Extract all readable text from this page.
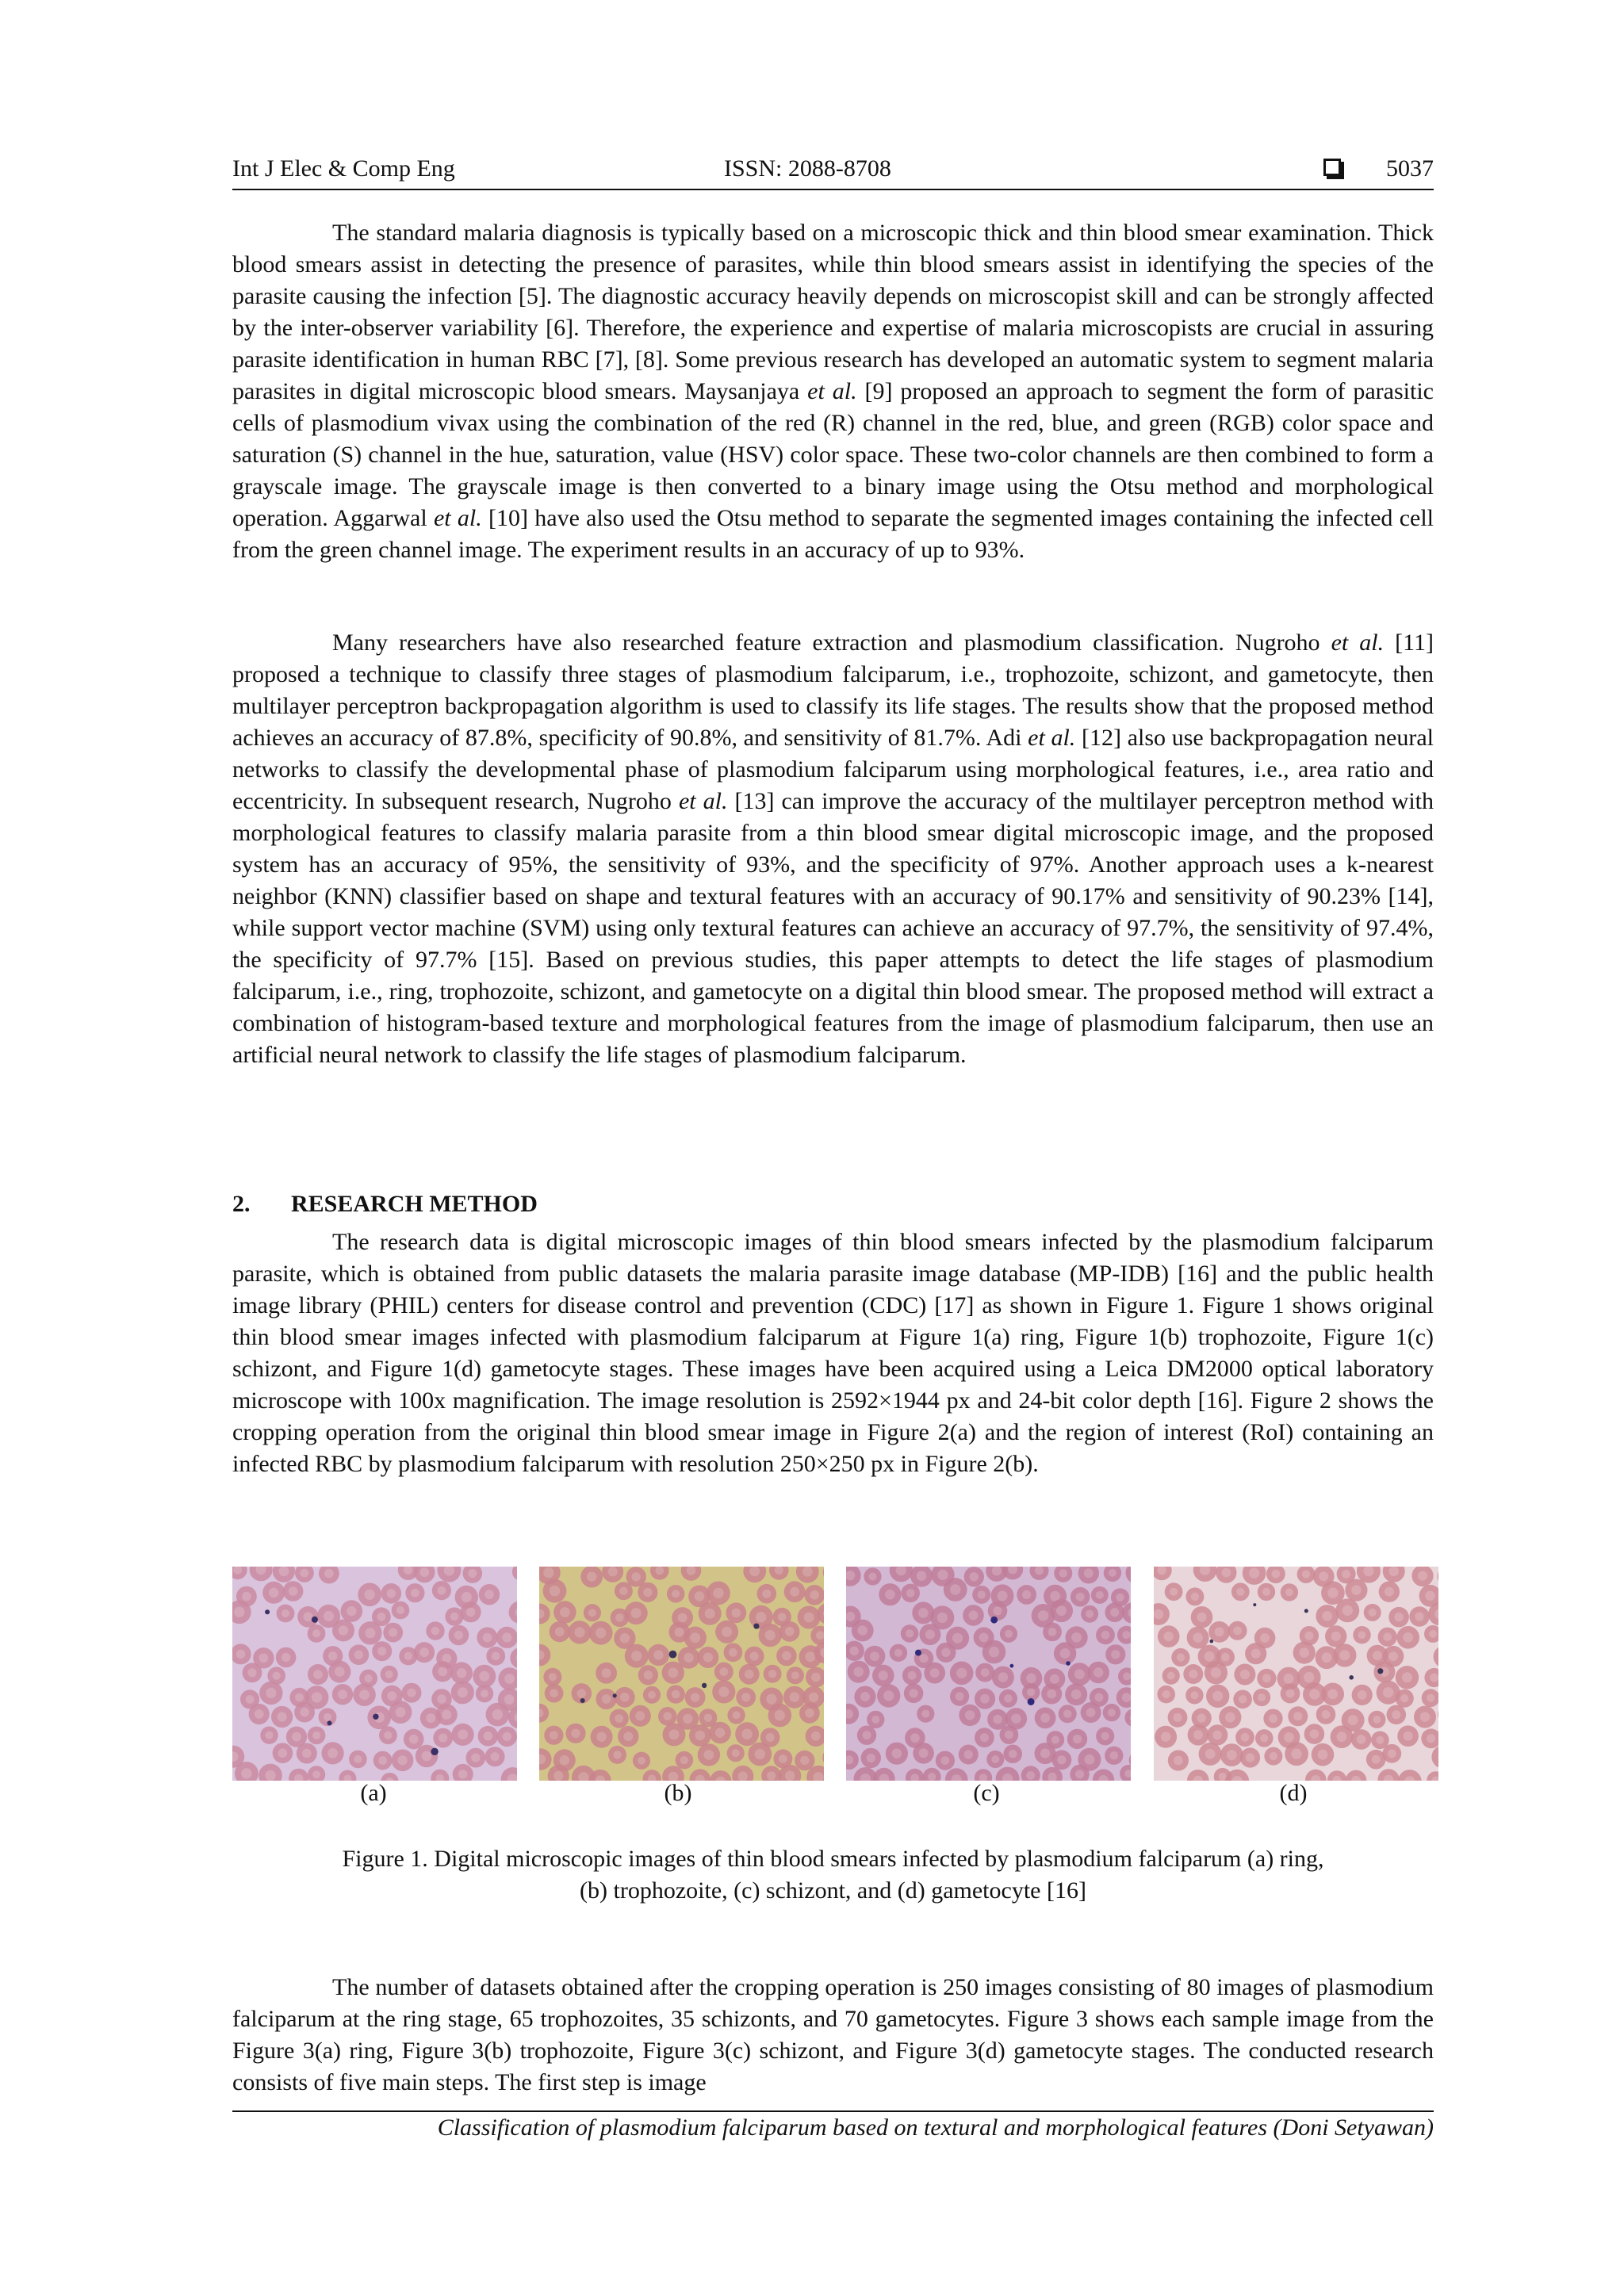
Int J Elec & Comp Eng	ISSN: 2088-8708	5037

The standard malaria diagnosis is typically based on a microscopic thick and thin blood smear examination. Thick blood smears assist in detecting the presence of parasites, while thin blood smears assist in identifying the species of the parasite causing the infection [5]. The diagnostic accuracy heavily depends on microscopist skill and can be strongly affected by the inter-observer variability [6]. Therefore, the experience and expertise of malaria microscopists are crucial in assuring parasite identification in human RBC [7], [8]. Some previous research has developed an automatic system to segment malaria parasites in digital microscopic blood smears. Maysanjaya et al. [9] proposed an approach to segment the form of parasitic cells of plasmodium vivax using the combination of the red (R) channel in the red, blue, and green (RGB) color space and saturation (S) channel in the hue, saturation, value (HSV) color space. These two-color channels are then combined to form a grayscale image. The grayscale image is then converted to a binary image using the Otsu method and morphological operation. Aggarwal et al. [10] have also used the Otsu method to separate the segmented images containing the infected cell from the green channel image. The experiment results in an accuracy of up to 93%.

Many researchers have also researched feature extraction and plasmodium classification. Nugroho et al. [11] proposed a technique to classify three stages of plasmodium falciparum, i.e., trophozoite, schizont, and gametocyte, then multilayer perceptron backpropagation algorithm is used to classify its life stages. The results show that the proposed method achieves an accuracy of 87.8%, specificity of 90.8%, and sensitivity of 81.7%. Adi et al. [12] also use backpropagation neural networks to classify the developmental phase of plasmodium falciparum using morphological features, i.e., area ratio and eccentricity. In subsequent research, Nugroho et al. [13] can improve the accuracy of the multilayer perceptron method with morphological features to classify malaria parasite from a thin blood smear digital microscopic image, and the proposed system has an accuracy of 95%, the sensitivity of 93%, and the specificity of 97%. Another approach uses a k-nearest neighbor (KNN) classifier based on shape and textural features with an accuracy of 90.17% and sensitivity of 90.23% [14], while support vector machine (SVM) using only textural features can achieve an accuracy of 97.7%, the sensitivity of 97.4%, the specificity of 97.7% [15]. Based on previous studies, this paper attempts to detect the life stages of plasmodium falciparum, i.e., ring, trophozoite, schizont, and gametocyte on a digital thin blood smear. The proposed method will extract a combination of histogram-based texture and morphological features from the image of plasmodium falciparum, then use an artificial neural network to classify the life stages of plasmodium falciparum.

2. RESEARCH METHOD

The research data is digital microscopic images of thin blood smears infected by the plasmodium falciparum parasite, which is obtained from public datasets the malaria parasite image database (MP-IDB) [16] and the public health image library (PHIL) centers for disease control and prevention (CDC) [17] as shown in Figure 1. Figure 1 shows original thin blood smear images infected with plasmodium falciparum at Figure 1(a) ring, Figure 1(b) trophozoite, Figure 1(c) schizont, and Figure 1(d) gametocyte stages. These images have been acquired using a Leica DM2000 optical laboratory microscope with 100x magnification. The image resolution is 2592×1944 px and 24-bit color depth [16]. Figure 2 shows the cropping operation from the original thin blood smear image in Figure 2(a) and the region of interest (RoI) containing an infected RBC by plasmodium falciparum with resolution 250×250 px in Figure 2(b).

(a)	(b)	(c)	(d)
Figure 1. Digital microscopic images of thin blood smears infected by plasmodium falciparum (a) ring,
(b) trophozoite, (c) schizont, and (d) gametocyte [16]

The number of datasets obtained after the cropping operation is 250 images consisting of 80 images of plasmodium falciparum at the ring stage, 65 trophozoites, 35 schizonts, and 70 gametocytes. Figure 3 shows each sample image from the Figure 3(a) ring, Figure 3(b) trophozoite, Figure 3(c) schizont, and Figure 3(d) gametocyte stages. The conducted research consists of five main steps. The first step is image

Classification of plasmodium falciparum based on textural and morphological features (Doni Setyawan)
